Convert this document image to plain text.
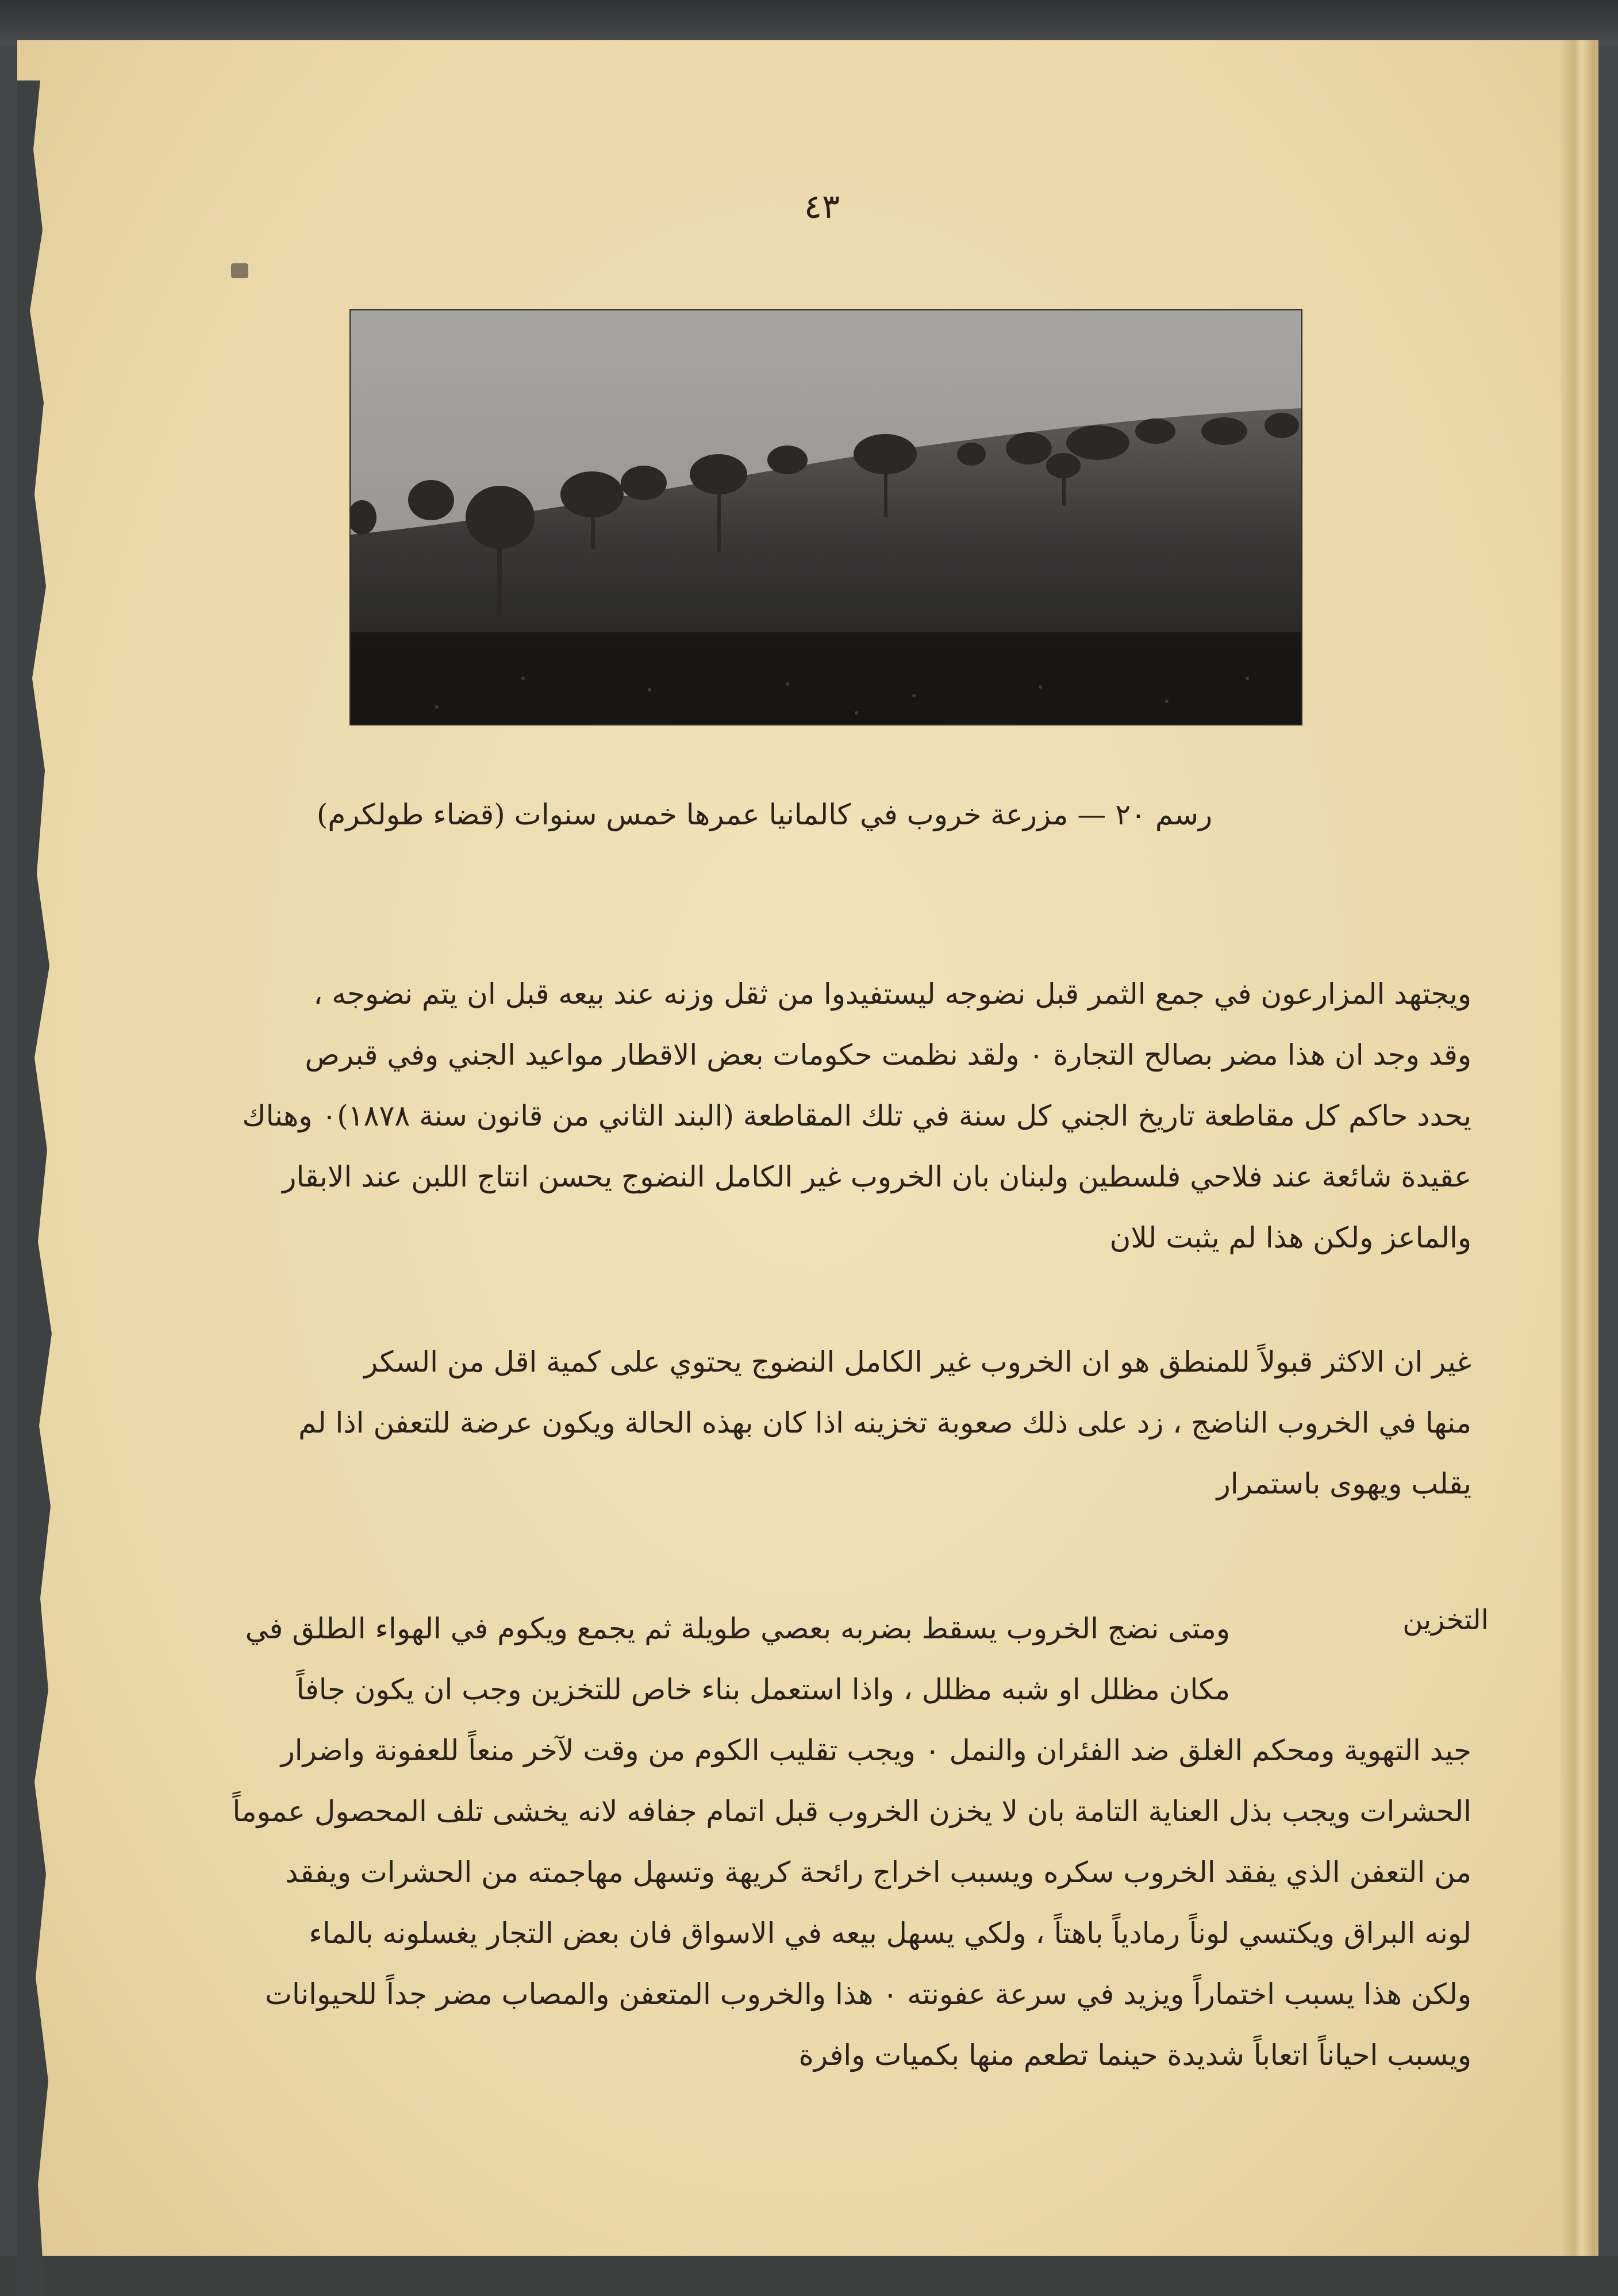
٤٣
رسم ٢٠ — مزرعة خروب في كالمانيا عمرها خمس سنوات (قضاء طولكرم)
ويجتهد المزارعون في جمع الثمر قبل نضوجه ليستفيدوا من ثقل وزنه عند بيعه قبل ان يتم نضوجه ،
وقد وجد ان هذا مضر بصالح التجارة ٠ ولقد نظمت حكومات بعض الاقطار مواعيد الجني وفي قبرص
يحدد حاكم كل مقاطعة تاريخ الجني كل سنة في تلك المقاطعة (البند الثاني من قانون سنة ١٨٧٨)٠ وهناك
عقيدة شائعة عند فلاحي فلسطين ولبنان بان الخروب غير الكامل النضوج يحسن انتاج اللبن عند الابقار
والماعز ولكن هذا لم يثبت للان
غير ان الاكثر قبولاً للمنطق هو ان الخروب غير الكامل النضوج يحتوي على كمية اقل من السكر
منها في الخروب الناضج ، زد على ذلك صعوبة تخزينه اذا كان بهذه الحالة ويكون عرضة للتعفن اذا لم
يقلب ويهوى باستمرار
التخزين
ومتى نضج الخروب يسقط بضربه بعصي طويلة ثم يجمع ويكوم في الهواء الطلق في
مكان مظلل او شبه مظلل ، واذا استعمل بناء خاص للتخزين وجب ان يكون جافاً
جيد التهوية ومحكم الغلق ضد الفئران والنمل ٠ ويجب تقليب الكوم من وقت لآخر منعاً للعفونة واضرار
الحشرات ويجب بذل العناية التامة بان لا يخزن الخروب قبل اتمام جفافه لانه يخشى تلف المحصول عموماً
من التعفن الذي يفقد الخروب سكره ويسبب اخراج رائحة كريهة وتسهل مهاجمته من الحشرات ويفقد
لونه البراق ويكتسي لوناً رمادياً باهتاً ، ولكي يسهل بيعه في الاسواق فان بعض التجار يغسلونه بالماء
ولكن هذا يسبب اختماراً ويزيد في سرعة عفونته ٠ هذا والخروب المتعفن والمصاب مضر جداً للحيوانات
ويسبب احياناً اتعاباً شديدة حينما تطعم منها بكميات وافرة
